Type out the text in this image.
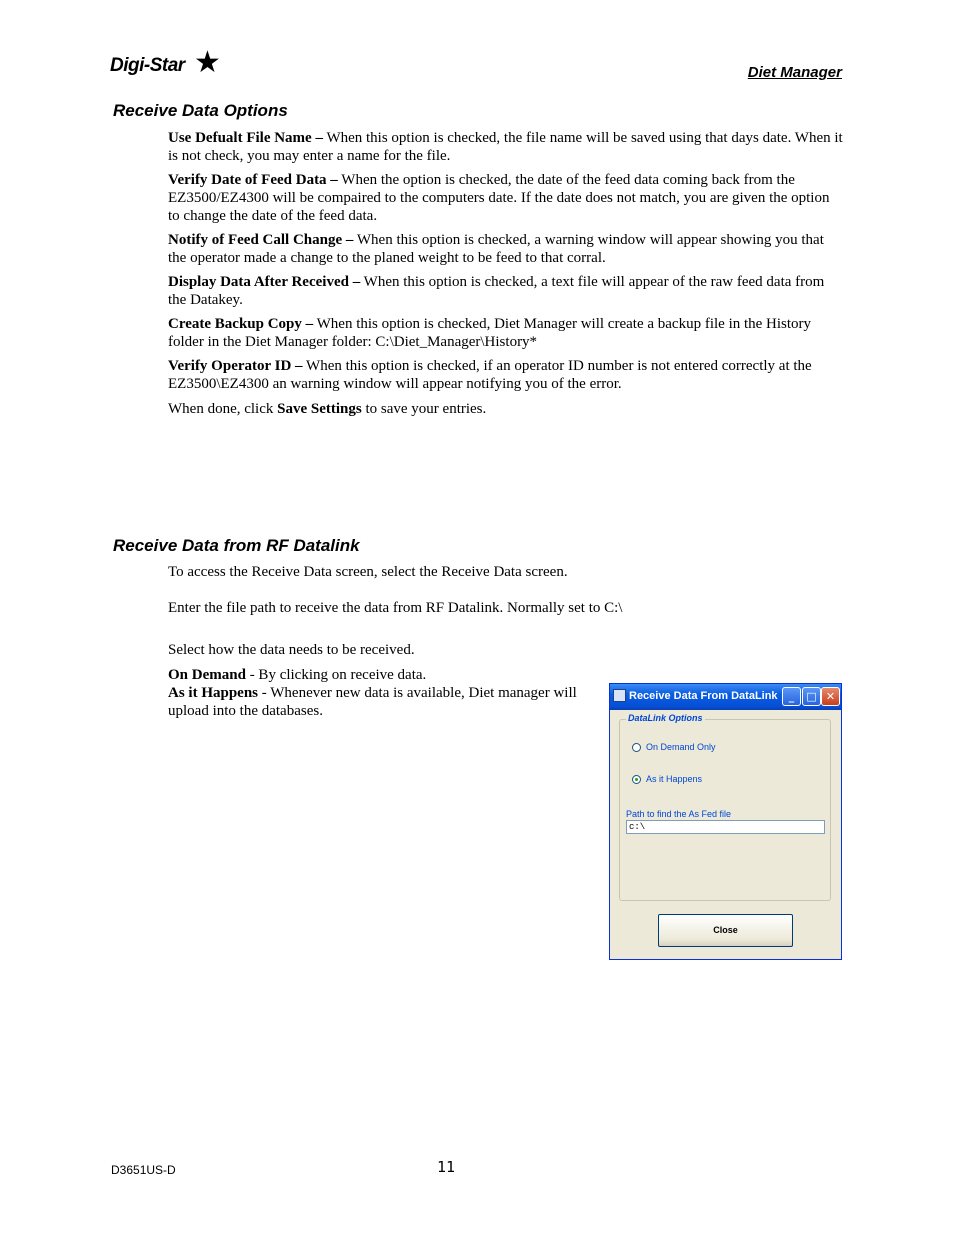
Digi-Star ★	Diet Manager
Receive Data Options
Use Defualt File Name – When this option is checked, the file name will be saved using that days date. When it is not check, you may enter a name for the file.
Verify Date of Feed Data – When the option is checked, the date of the feed data coming back from the EZ3500/EZ4300 will be compaired to the computers date. If the date does not match, you are given the option to change the date of the feed data.
Notify of Feed Call Change – When this option is checked, a warning window will appear showing you that the operator made a change to the planed weight to be feed to that corral.
Display Data After Received – When this option is checked, a text file will appear of the raw feed data from the Datakey.
Create Backup Copy – When this option is checked, Diet Manager will create a backup file in the History folder in the Diet Manager folder: C:\Diet_Manager\History*
Verify Operator ID – When this option is checked, if an operator ID number is not entered correctly at the EZ3500\EZ4300 an warning window will appear notifying you of the error.
When done, click Save Settings to save your entries.
Receive Data from RF Datalink
To access the Receive Data screen, select the Receive Data screen.
Enter the file path to receive the data from RF Datalink. Normally set to C:\
Select how the data needs to be received.
On Demand - By clicking on receive data.
As it Happens - Whenever new data is available, Diet manager will upload into the databases.
Receive Data From DataLink	_	□ ✕
DataLink Options
On Demand Only
As it Happens
Path to find the As Fed file
c:\
Close
D3651US-D	11
